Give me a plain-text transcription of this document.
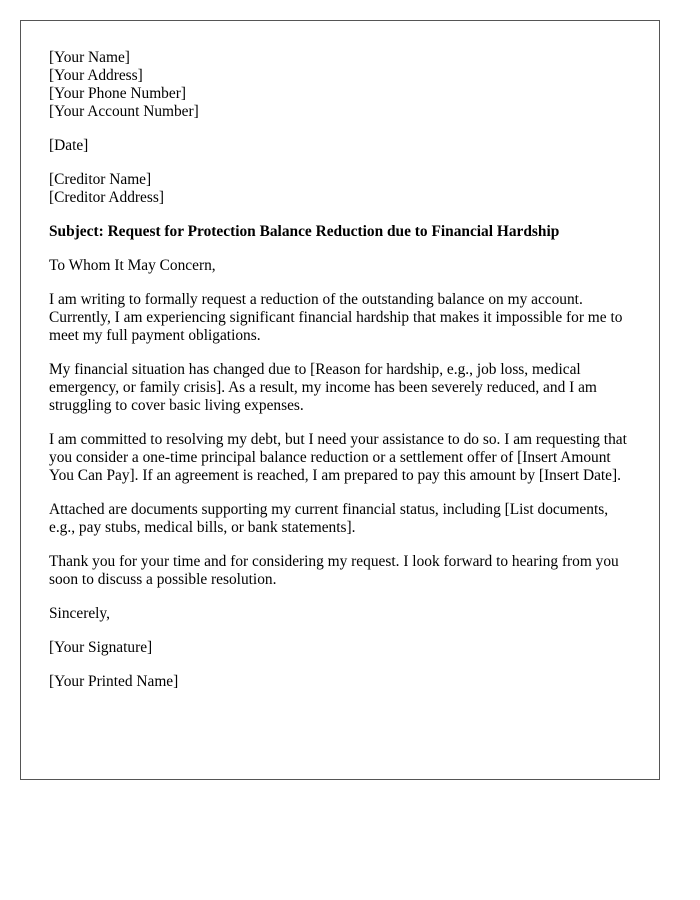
[Your Name]
[Your Address]
[Your Phone Number]
[Your Account Number]
[Date]
[Creditor Name]
[Creditor Address]
Subject: Request for Protection Balance Reduction due to Financial Hardship

To Whom It May Concern,

I am writing to formally request a reduction of the outstanding balance on my account. Currently, I am experiencing significant financial hardship that makes it impossible for me to meet my full payment obligations.

My financial situation has changed due to [Reason for hardship, e.g., job loss, medical emergency, or family crisis]. As a result, my income has been severely reduced, and I am struggling to cover basic living expenses.

I am committed to resolving my debt, but I need your assistance to do so. I am requesting that you consider a one-time principal balance reduction or a settlement offer of [Insert Amount You Can Pay]. If an agreement is reached, I am prepared to pay this amount by [Insert Date].

Attached are documents supporting my current financial status, including [List documents, e.g., pay stubs, medical bills, or bank statements].

Thank you for your time and for considering my request. I look forward to hearing from you soon to discuss a possible resolution.

Sincerely,

[Your Signature]

[Your Printed Name]
